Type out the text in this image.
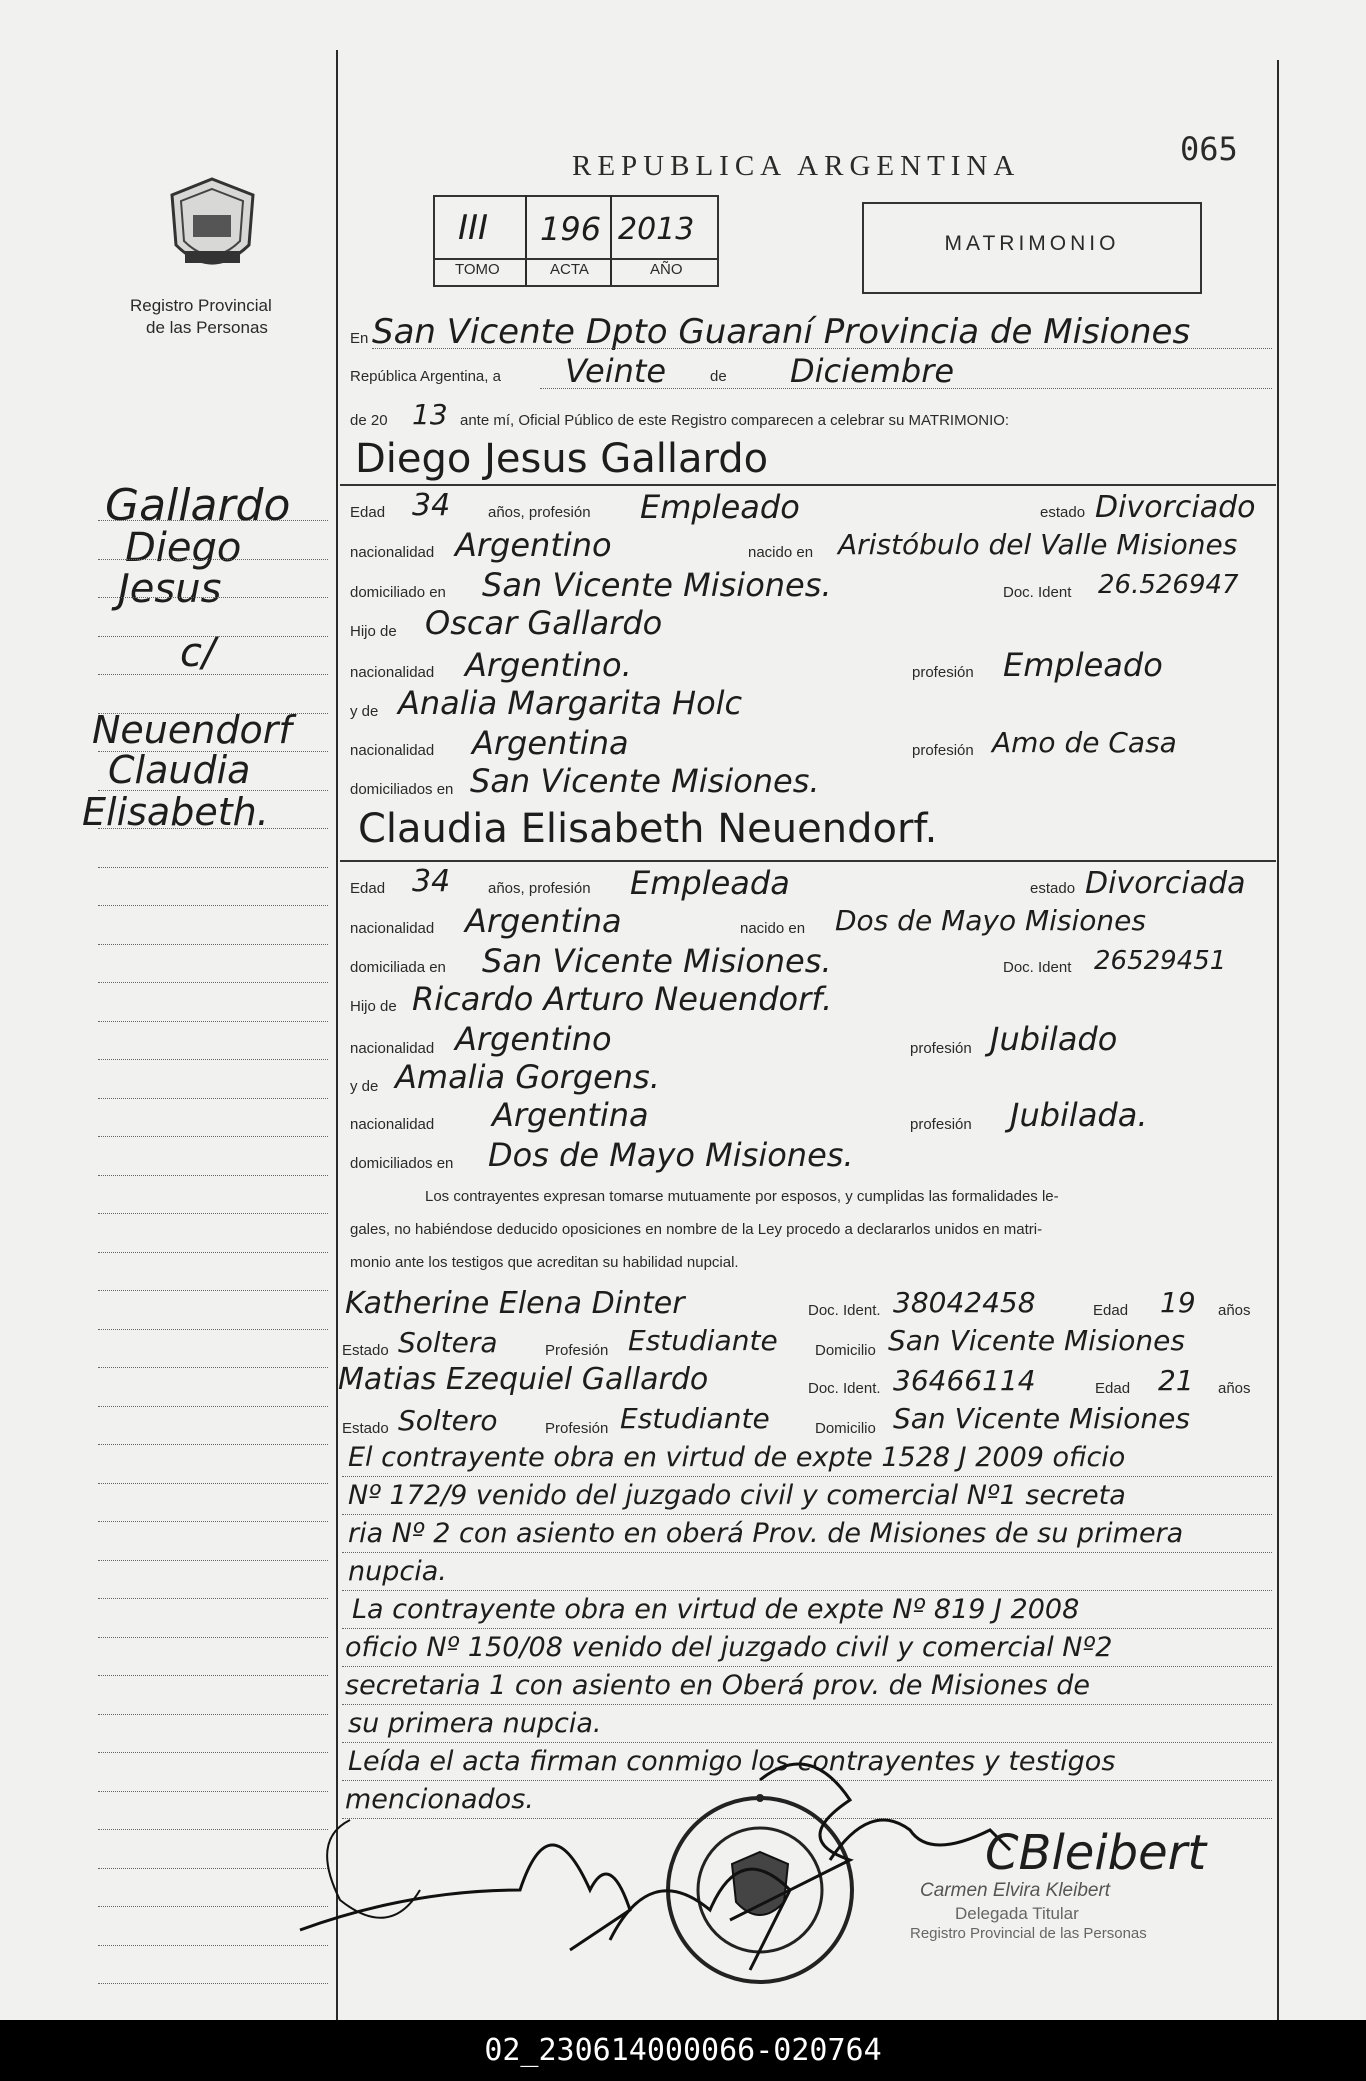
REPUBLICA ARGENTINA	065
III 196 2013
TOMO	ACTA	AÑO
MATRIMONIO
Registro Provincial
de las Personas
Gallardo
Diego
Jesus
c/
Neuendorf
Claudia
Elisabeth.
En San Vicente Dpto Guaraní Provincia de Misiones
República Argentina, a Veinte	de Diciembre
de 20 13 ante mí, Oficial Público de este Registro comparecen a celebrar su MATRIMONIO:
Diego Jesus Gallardo
Edad 34	años, profesión Empleado	estado Divorciado
nacionalidad Argentino	nacido en Aristóbulo del Valle Misiones
domiciliado en San Vicente Misiones.	Doc. Ident 26.526947
Hijo de Oscar Gallardo
nacionalidad Argentino.	profesión Empleado
y de Analia Margarita Holc
nacionalidad Argentina	profesión Amo de Casa
domiciliados en San Vicente Misiones.
Claudia Elisabeth Neuendorf.
Edad 34	años, profesión Empleada	estado Divorciada
nacionalidad Argentina	nacido en Dos de Mayo Misiones
domiciliada en San Vicente Misiones.	Doc. Ident 26529451
Hijo de Ricardo Arturo Neuendorf.
nacionalidad Argentino	profesión Jubilado
y de Amalia Gorgens.
nacionalidad Argentina	profesión Jubilada.
domiciliados en Dos de Mayo Misiones.
Los contrayentes expresan tomarse mutuamente por esposos, y cumplidas las formalidades le-
gales, no habiéndose deducido oposiciones en nombre de la Ley procedo a declararlos unidos en matri-
monio ante los testigos que acreditan su habilidad nupcial.
Katherine Elena Dinter	Doc. Ident. 38042458	Edad 19 años
Estado Soltera	Profesión Estudiante Domicilio San Vicente Misiones
Matias Ezequiel Gallardo	Doc. Ident. 36466114	Edad 21 años
Estado Soltero	Profesión Estudiante	Domicilio San Vicente Misiones
El contrayente obra en virtud de expte 1528 J 2009 oficio
Nº 172/9 venido del juzgado civil y comercial Nº1 secreta
ria Nº 2 con asiento en oberá Prov. de Misiones de su primera
nupcia.
La contrayente obra en virtud de expte Nº 819 J 2008
oficio Nº 150/08 venido del juzgado civil y comercial Nº2
secretaria 1 con asiento en Oberá prov. de Misiones de
su primera nupcia.
Leída el acta firman conmigo los contrayentes y testigos
mencionados.
CBleibert
Carmen Elvira Kleibert
Delegada Titular
Registro Provincial de las Personas
02_230614000066-020764
